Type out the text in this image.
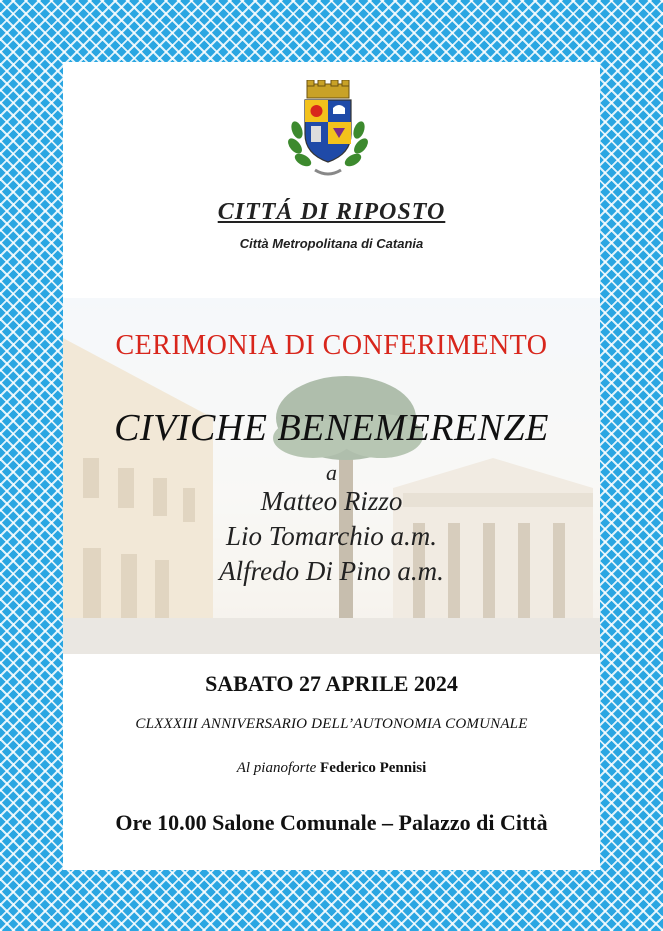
CITTÁ DI RIPOSTO
Città Metropolitana di Catania
CERIMONIA DI CONFERIMENTO
CIVICHE BENEMERENZE
a
Matteo Rizzo
Lio Tomarchio a.m.
Alfredo Di Pino a.m.
SABATO 27 APRILE 2024
CLXXXIII ANNIVERSARIO DELL’AUTONOMIA COMUNALE
Al pianoforte Federico Pennisi
Ore 10.00 Salone Comunale – Palazzo di Città
